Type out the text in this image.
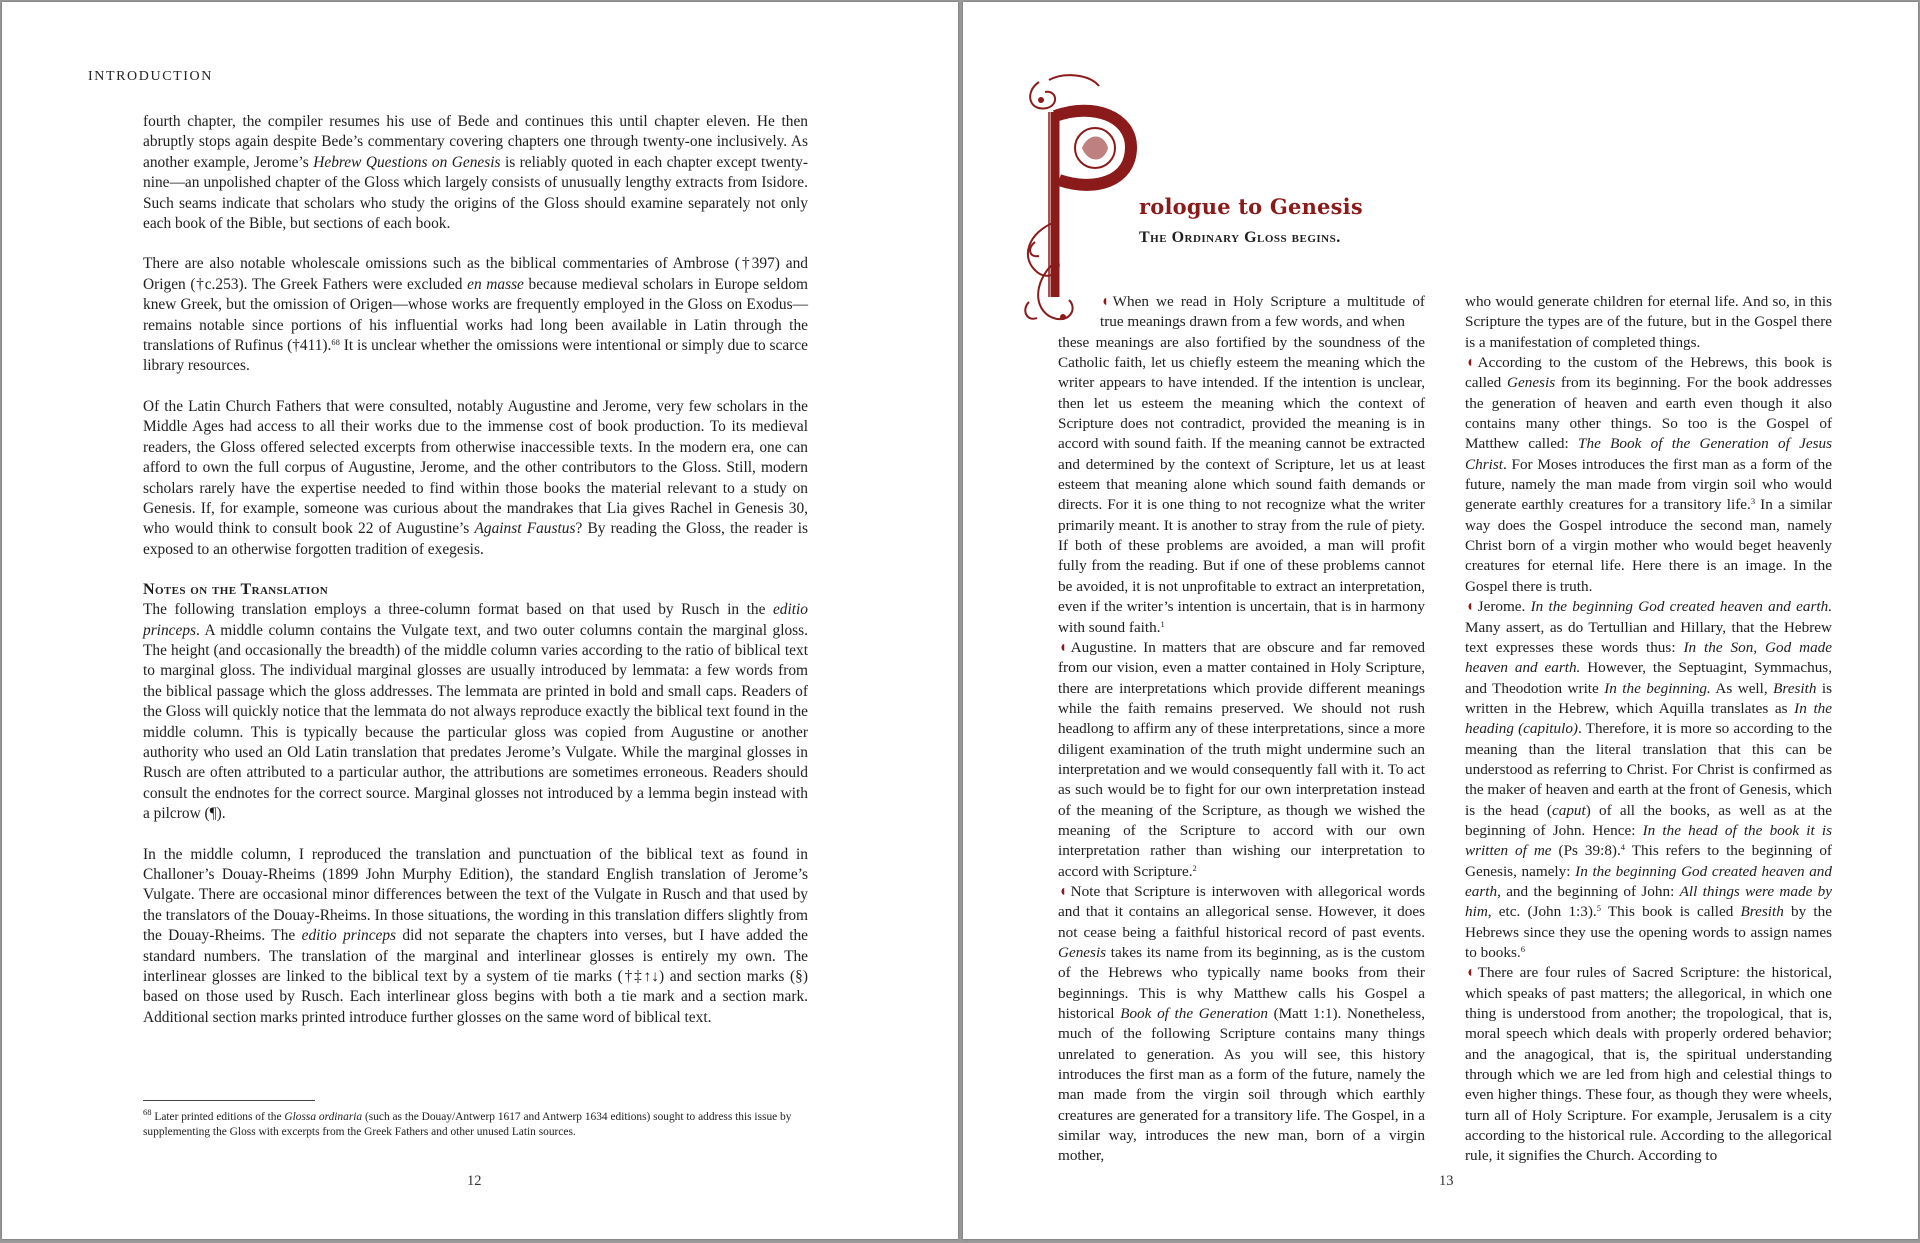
INTRODUCTION

fourth chapter, the compiler resumes his use of Bede and continues this until chapter eleven. He then abruptly stops again despite Bede’s commentary covering chapters one through twenty-one inclusively. As another example, Jerome’s Hebrew Questions on Genesis is reliably quoted in each chapter except twenty-nine—an unpolished chapter of the Gloss which largely consists of unusually lengthy extracts from Isidore. Such seams indicate that scholars who study the origins of the Gloss should examine separately not only each book of the Bible, but sections of each book.

There are also notable wholescale omissions such as the biblical commentaries of Ambrose (†397) and Origen (†c.253). The Greek Fathers were excluded en masse because medieval scholars in Europe seldom knew Greek, but the omission of Origen—whose works are frequently employed in the Gloss on Exodus—remains notable since portions of his influential works had long been available in Latin through the translations of Rufinus (†411).$^{68}$ It is unclear whether the omissions were intentional or simply due to scarce library resources.

Of the Latin Church Fathers that were consulted, notably Augustine and Jerome, very few scholars in the Middle Ages had access to all their works due to the immense cost of book production. To its medieval readers, the Gloss offered selected excerpts from otherwise inaccessible texts. In the modern era, one can afford to own the full corpus of Augustine, Jerome, and the other contributors to the Gloss. Still, modern scholars rarely have the expertise needed to find within those books the material relevant to a study on Genesis. If, for example, someone was curious about the mandrakes that Lia gives Rachel in Genesis 30, who would think to consult book 22 of Augustine’s Against Faustus? By reading the Gloss, the reader is exposed to an otherwise forgotten tradition of exegesis.

Notes on the Translation

The following translation employs a three-column format based on that used by Rusch in the editio princeps. A middle column contains the Vulgate text, and two outer columns contain the marginal gloss. The height (and occasionally the breadth) of the middle column varies according to the ratio of biblical text to marginal gloss. The individual marginal glosses are usually introduced by lemmata: a few words from the biblical passage which the gloss addresses. The lemmata are printed in bold and small caps. Readers of the Gloss will quickly notice that the lemmata do not always reproduce exactly the biblical text found in the middle column. This is typically because the particular gloss was copied from Augustine or another authority who used an Old Latin translation that predates Jerome’s Vulgate. While the marginal glosses in Rusch are often attributed to a particular author, the attributions are sometimes erroneous. Readers should consult the endnotes for the correct source. Marginal glosses not introduced by a lemma begin instead with a pilcrow (¶).

In the middle column, I reproduced the translation and punctuation of the biblical text as found in Challoner’s Douay-Rheims (1899 John Murphy Edition), the standard English translation of Jerome’s Vulgate. There are occasional minor differences between the text of the Vulgate in Rusch and that used by the translators of the Douay-Rheims. In those situations, the wording in this translation differs slightly from the Douay-Rheims. The editio princeps did not separate the chapters into verses, but I have added the standard numbers. The translation of the marginal and interlinear glosses is entirely my own. The interlinear glosses are linked to the biblical text by a system of tie marks (†‡↑↓) and section marks (§) based on those used by Rusch. Each interlinear gloss begins with both a tie mark and a section mark. Additional section marks printed introduce further glosses on the same word of biblical text.

$^{68}$ Later printed editions of the Glossa ordinaria (such as the Douay/Antwerp 1617 and Antwerp 1634 editions) sought to address this issue by supplementing the Gloss with excerpts from the Greek Fathers and other unused Latin sources.
12
rologue to Genesis
The Ordinary Gloss begins.

◖ When we read in Holy Scripture a multitude of true meanings drawn from a few words, and when

these meanings are also fortified by the soundness of the Catholic faith, let us chiefly esteem the meaning which the writer appears to have intended. If the intention is unclear, then let us esteem the meaning which the context of Scripture does not contradict, provided the meaning is in accord with sound faith. If the meaning cannot be extracted and determined by the context of Scripture, let us at least esteem that meaning alone which sound faith demands or directs. For it is one thing to not recognize what the writer primarily meant. It is another to stray from the rule of piety. If both of these problems are avoided, a man will profit fully from the reading. But if one of these problems cannot be avoided, it is not unprofitable to extract an interpretation, even if the writer’s intention is uncertain, that is in harmony with sound faith.$^1$

◖ Augustine. In matters that are obscure and far removed from our vision, even a matter contained in Holy Scripture, there are interpretations which provide different meanings while the faith remains preserved. We should not rush headlong to affirm any of these interpretations, since a more diligent examination of the truth might undermine such an interpretation and we would consequently fall with it. To act as such would be to fight for our own interpretation instead of the meaning of the Scripture, as though we wished the meaning of the Scripture to accord with our own interpretation rather than wishing our interpretation to accord with Scripture.$^2$

◖ Note that Scripture is interwoven with allegorical words and that it contains an allegorical sense. However, it does not cease being a faithful historical record of past events. Genesis takes its name from its beginning, as is the custom of the Hebrews who typically name books from their beginnings. This is why Matthew calls his Gospel a historical Book of the Generation (Matt 1:1). Nonetheless, much of the following Scripture contains many things unrelated to generation. As you will see, this history introduces the first man as a form of the future, namely the man made from the virgin soil through which earthly creatures are generated for a transitory life. The Gospel, in a similar way, introduces the new man, born of a virgin mother,

who would generate children for eternal life. And so, in this Scripture the types are of the future, but in the Gospel there is a manifestation of completed things.

◖ According to the custom of the Hebrews, this book is called Genesis from its beginning. For the book addresses the generation of heaven and earth even though it also contains many other things. So too is the Gospel of Matthew called: The Book of the Generation of Jesus Christ. For Moses introduces the first man as a form of the future, namely the man made from virgin soil who would generate earthly creatures for a transitory life.$^3$ In a similar way does the Gospel introduce the second man, namely Christ born of a virgin mother who would beget heavenly creatures for eternal life. Here there is an image. In the Gospel there is truth.

◖ Jerome. In the beginning God created heaven and earth. Many assert, as do Tertullian and Hillary, that the Hebrew text expresses these words thus: In the Son, God made heaven and earth. However, the Septuagint, Symmachus, and Theodotion write In the beginning. As well, Bresith is written in the Hebrew, which Aquilla translates as In the heading (capitulo). Therefore, it is more so according to the meaning than the literal translation that this can be understood as referring to Christ. For Christ is confirmed as the maker of heaven and earth at the front of Genesis, which is the head (caput) of all the books, as well as at the beginning of John. Hence: In the head of the book it is written of me (Ps 39:8).$^4$ This refers to the beginning of Genesis, namely: In the beginning God created heaven and earth, and the beginning of John: All things were made by him, etc. (John 1:3).$^5$ This book is called Bresith by the Hebrews since they use the opening words to assign names to books.$^6$

◖ There are four rules of Sacred Scripture: the historical, which speaks of past matters; the allegorical, in which one thing is understood from another; the tropological, that is, moral speech which deals with properly ordered behavior; and the anagogical, that is, the spiritual understanding through which we are led from high and celestial things to even higher things. These four, as though they were wheels, turn all of Holy Scripture. For example, Jerusalem is a city according to the historical rule. According to the allegorical rule, it signifies the Church. According to

13
